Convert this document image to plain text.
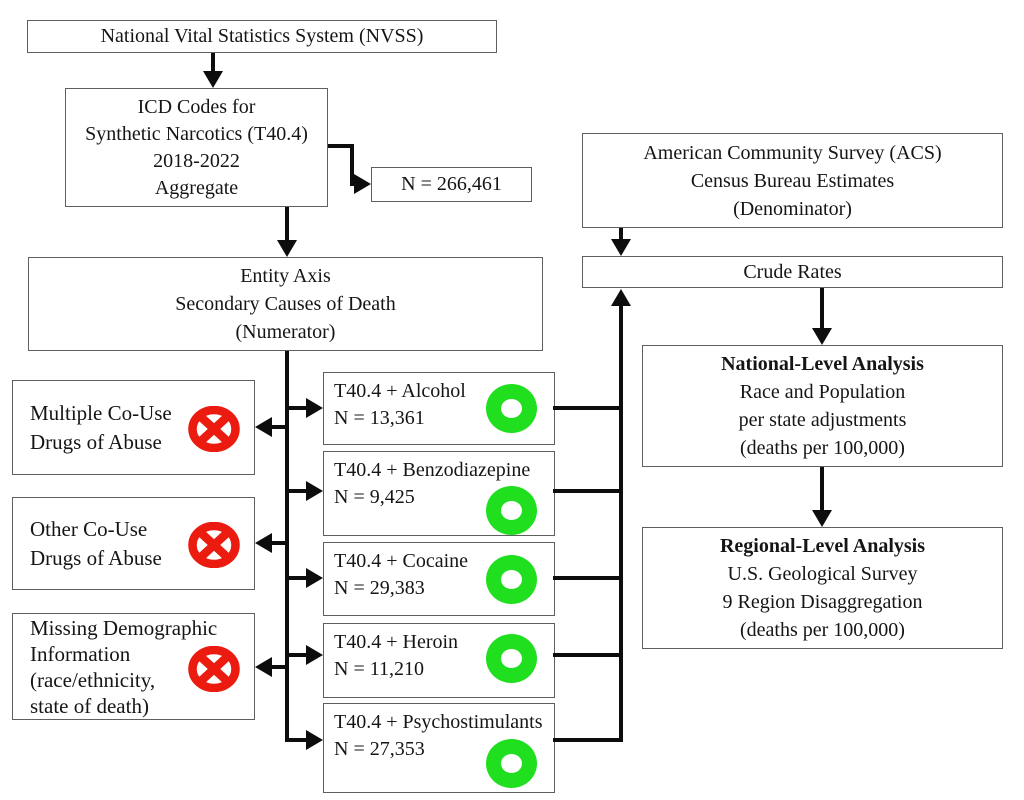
National Vital Statistics System (NVSS)
ICD Codes for
Synthetic Narcotics (T40.4)
2018-2022
Aggregate	N = 266,461
Entity Axis
Secondary Causes of Death
(Numerator)
American Community Survey (ACS)
Census Bureau Estimates
(Denominator)
Crude Rates
National-Level Analysis
Race and Population
per state adjustments
(deaths per 100,000)
Regional-Level Analysis
U.S. Geological Survey
9 Region Disaggregation
(deaths per 100,000)
Multiple Co-Use
Drugs of Abuse
Other Co-Use
Drugs of Abuse
Missing Demographic
Information
(race/ethnicity,
state of death)
T40.4 + Alcohol
N = 13,361
T40.4 + Benzodiazepine
N = 9,425
T40.4 + Cocaine
N = 29,383
T40.4 + Heroin
N = 11,210
T40.4 + Psychostimulants
N = 27,353
